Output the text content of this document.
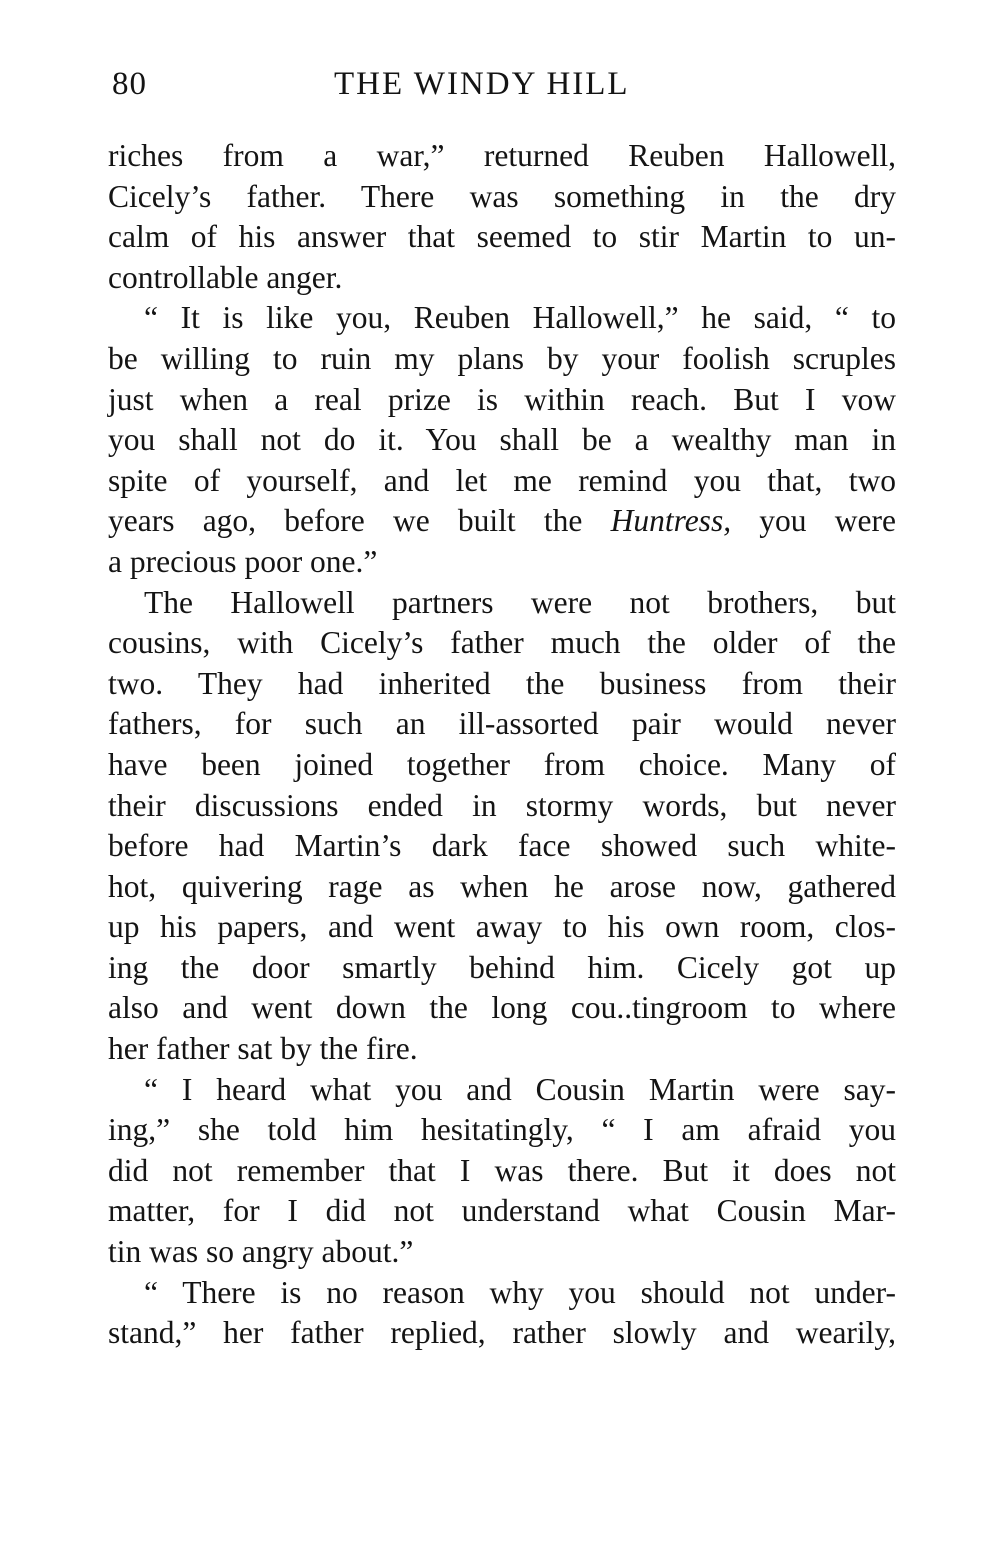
80	THE WINDY HILL
riches from a war,” returned Reuben Hallowell,
Cicely’s father. There was something in the dry
calm of his answer that seemed to stir Martin to un-
controllable anger.
“ It is like you, Reuben Hallowell,” he said, “ to
be willing to ruin my plans by your foolish scruples
just when a real prize is within reach. But I vow
you shall not do it. You shall be a wealthy man in
spite of yourself, and let me remind you that, two
years ago, before we built the Huntress, you were
a precious poor one.”
The Hallowell partners were not brothers, but
cousins, with Cicely’s father much the older of the
two. They had inherited the business from their
fathers, for such an ill-assorted pair would never
have been joined together from choice. Many of
their discussions ended in stormy words, but never
before had Martin’s dark face showed such white-
hot, quivering rage as when he arose now, gathered
up his papers, and went away to his own room, clos-
ing the door smartly behind him. Cicely got up
also and went down the long cou..tingroom to where
her father sat by the fire.
“ I heard what you and Cousin Martin were say-
ing,” she told him hesitatingly, “ I am afraid you
did not remember that I was there. But it does not
matter, for I did not understand what Cousin Mar-
tin was so angry about.”
“ There is no reason why you should not under-
stand,” her father replied, rather slowly and wearily,
